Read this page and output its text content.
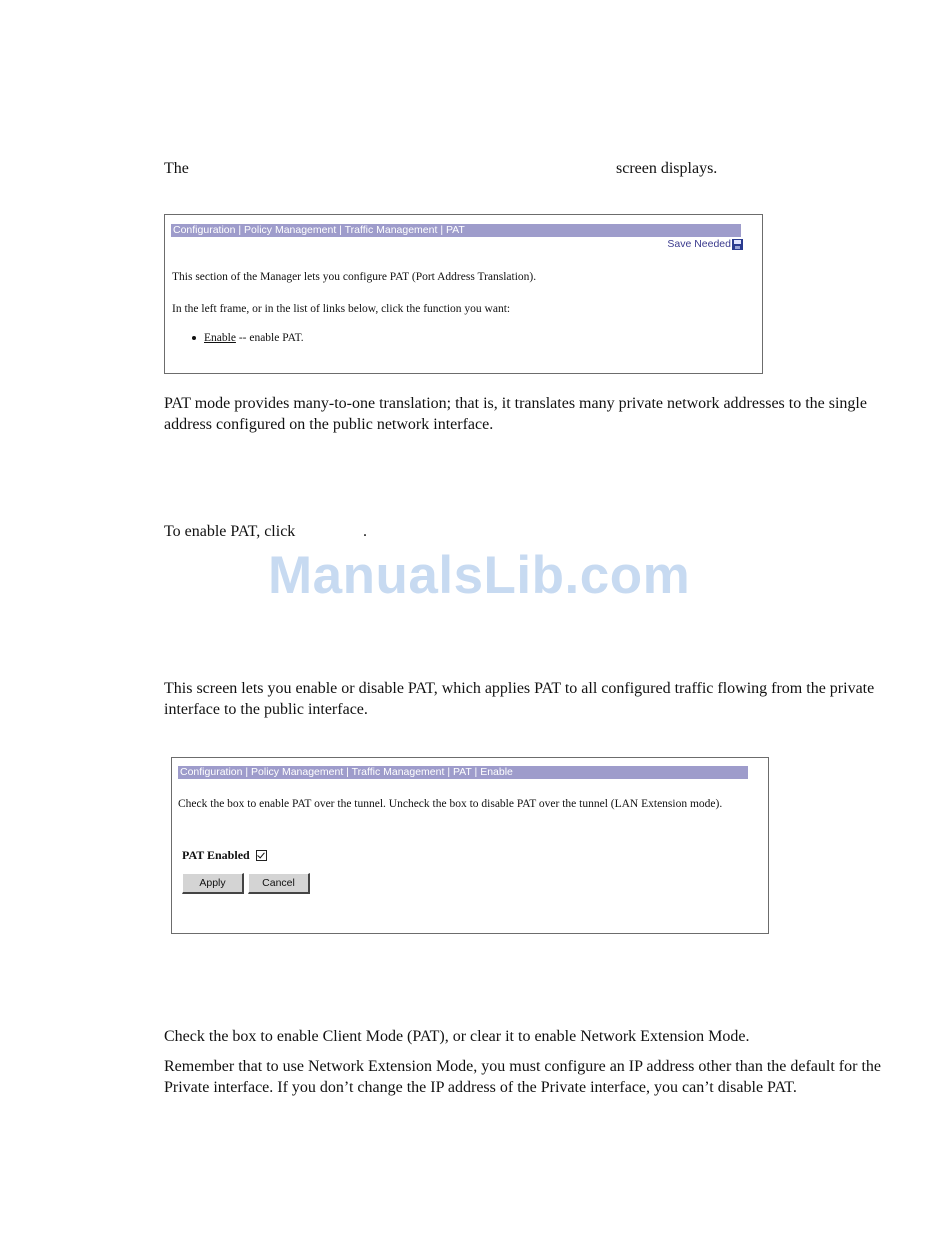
The	screen displays.
Configuration | Policy Management | Traffic Management | PAT
Save Needed

This section of the Manager lets you configure PAT (Port Address Translation).

In the left frame, or in the list of links below, click the function you want:

Enable -- enable PAT.

PAT mode provides many-to-one translation; that is, it translates many private network addresses to the single address configured on the public network interface.

To enable PAT, click	.
ManualsLib.com

This screen lets you enable or disable PAT, which applies PAT to all configured traffic flowing from the private interface to the public interface.

Configuration | Policy Management | Traffic Management | PAT | Enable

Check the box to enable PAT over the tunnel. Uncheck the box to disable PAT over the tunnel (LAN Extension mode).

PAT Enabled
Apply	Cancel

Check the box to enable Client Mode (PAT), or clear it to enable Network Extension Mode.

Remember that to use Network Extension Mode, you must configure an IP address other than the default for the Private interface. If you don’t change the IP address of the Private interface, you can’t disable PAT.
